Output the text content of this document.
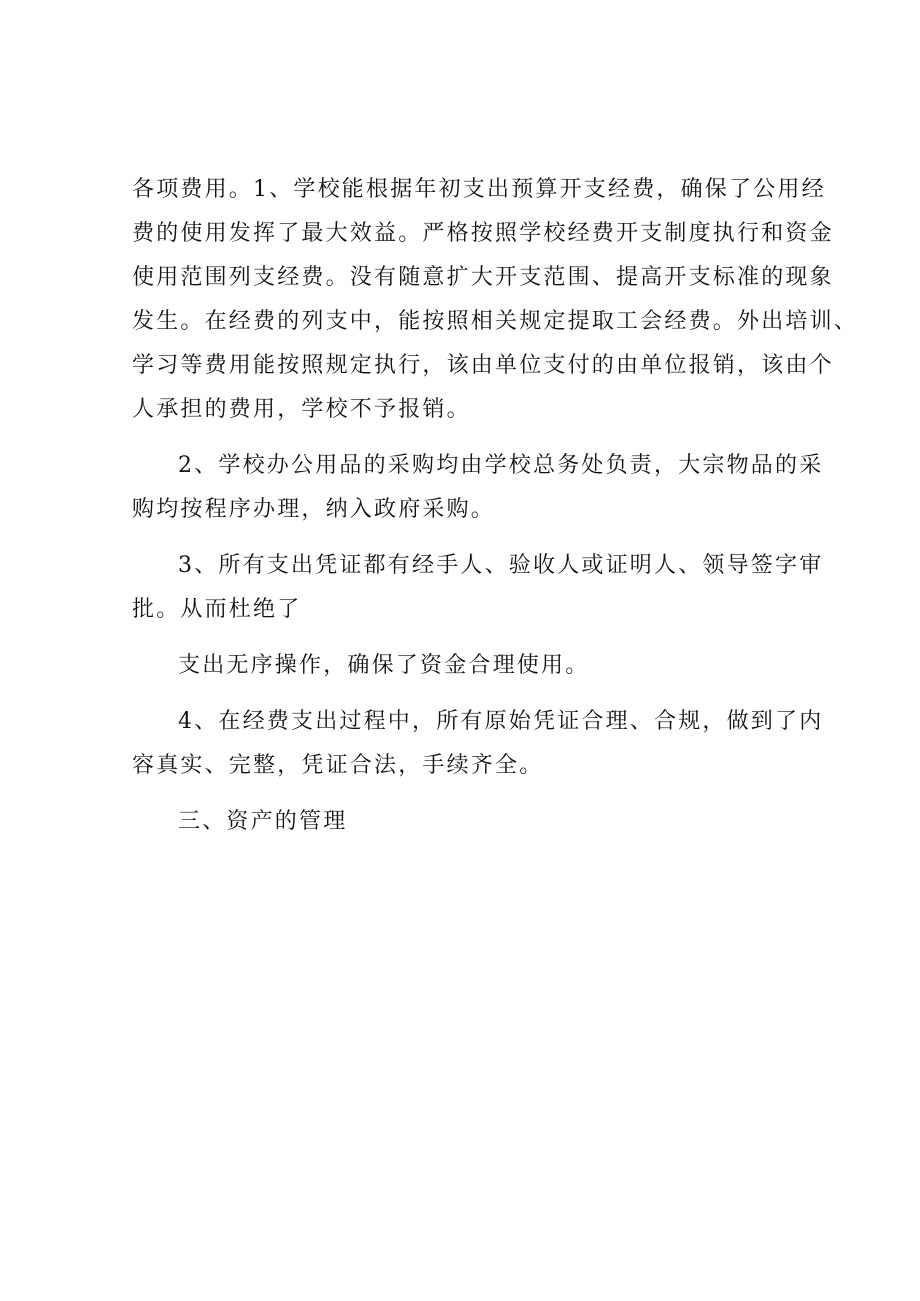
各项费用。1、学校能根据年初支出预算开支经费，确保了公用经
费的使用发挥了最大效益。严格按照学校经费开支制度执行和资金
使用范围列支经费。没有随意扩大开支范围、提高开支标准的现象
发生。在经费的列支中，能按照相关规定提取工会经费。外出培训、
学习等费用能按照规定执行，该由单位支付的由单位报销，该由个
人承担的费用，学校不予报销。
2、学校办公用品的采购均由学校总务处负责，大宗物品的采
购均按程序办理，纳入政府采购。
3、所有支出凭证都有经手人、验收人或证明人、领导签字审
批。从而杜绝了
支出无序操作，确保了资金合理使用。
4、在经费支出过程中，所有原始凭证合理、合规，做到了内
容真实、完整，凭证合法，手续齐全。
三、资产的管理
